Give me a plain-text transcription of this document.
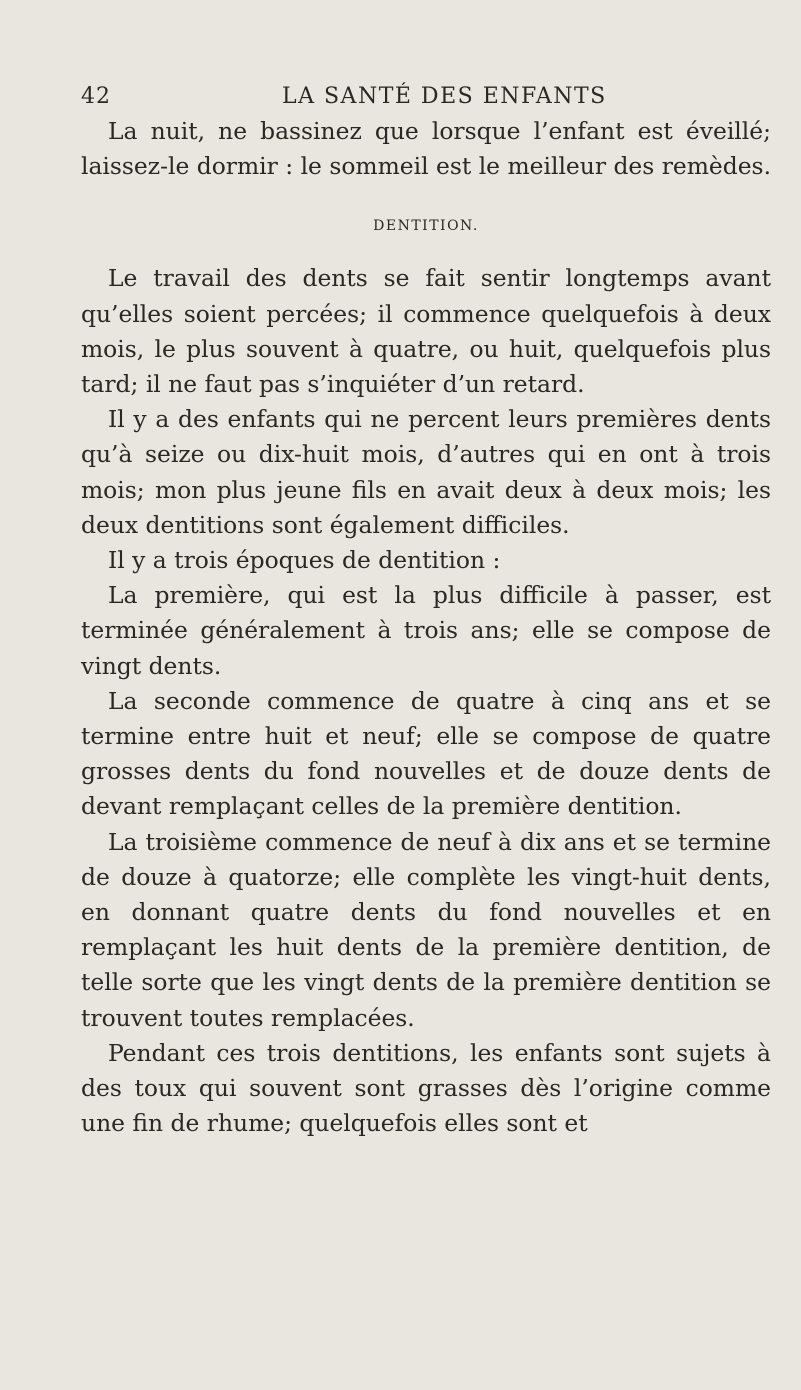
42	LA SANTÉ DES ENFANTS

La nuit, ne bassinez que lorsque l’enfant est éveillé; laissez-le dormir : le sommeil est le meilleur des remèdes.

DENTITION.

Le travail des dents se fait sentir longtemps avant qu’elles soient percées; il commence quelquefois à deux mois, le plus souvent à quatre, ou huit, quelquefois plus tard; il ne faut pas s’inquiéter d’un retard.

Il y a des enfants qui ne percent leurs premières dents qu’à seize ou dix-huit mois, d’autres qui en ont à trois mois; mon plus jeune fils en avait deux à deux mois; les deux dentitions sont également difficiles.

Il y a trois époques de dentition :

La première, qui est la plus difficile à passer, est terminée généralement à trois ans; elle se compose de vingt dents.

La seconde commence de quatre à cinq ans et se termine entre huit et neuf; elle se compose de quatre grosses dents du fond nouvelles et de douze dents de devant remplaçant celles de la première dentition.

La troisième commence de neuf à dix ans et se termine de douze à quatorze; elle complète les vingt-huit dents, en donnant quatre dents du fond nouvelles et en remplaçant les huit dents de la première dentition, de telle sorte que les vingt dents de la première dentition se trouvent toutes remplacées.

Pendant ces trois dentitions, les enfants sont sujets à des toux qui souvent sont grasses dès l’origine comme une fin de rhume; quelquefois elles sont et
